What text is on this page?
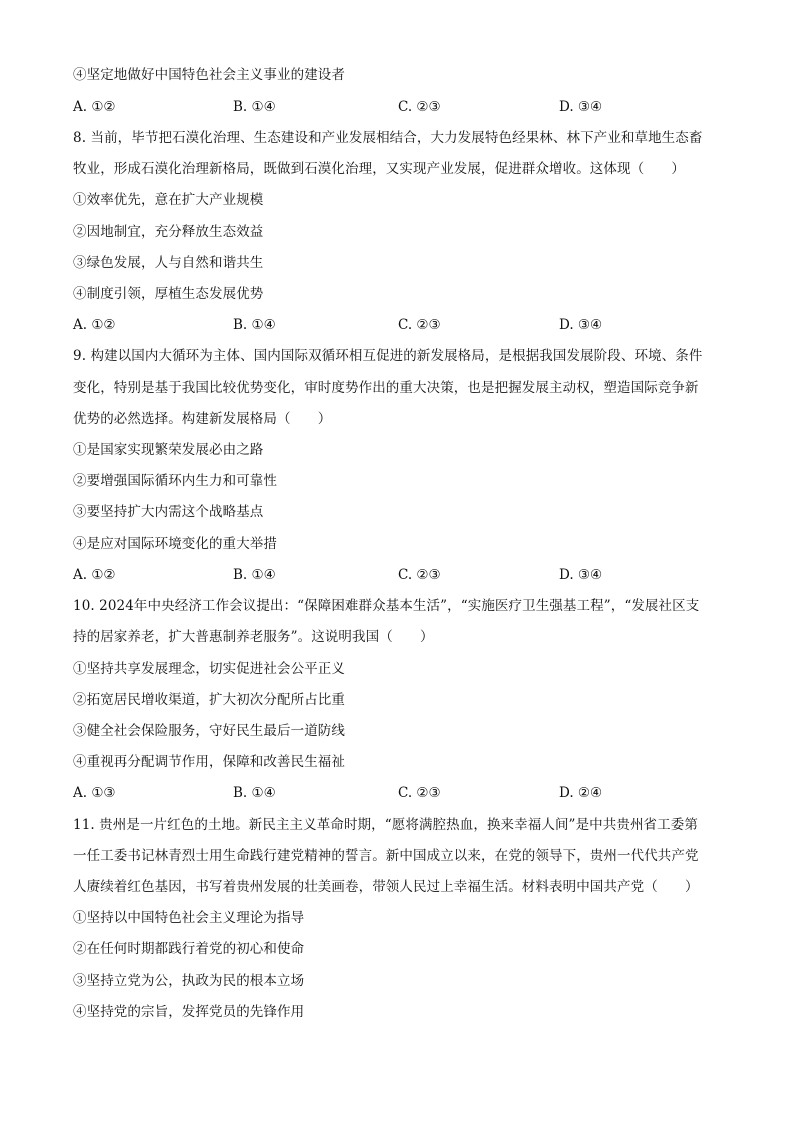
④坚定地做好中国特色社会主义事业的建设者
A. ①②	B. ①④	C. ②③	D. ③④
8. 当前，毕节把石漠化治理、生态建设和产业发展相结合，大力发展特色经果林、林下产业和草地生态畜
牧业，形成石漠化治理新格局，既做到石漠化治理，又实现产业发展，促进群众增收。这体现（　　）
①效率优先，意在扩大产业规模
②因地制宜，充分释放生态效益
③绿色发展，人与自然和谐共生
④制度引领，厚植生态发展优势
A. ①②	B. ①④	C. ②③	D. ③④
9. 构建以国内大循环为主体、国内国际双循环相互促进的新发展格局，是根据我国发展阶段、环境、条件
变化，特别是基于我国比较优势变化，审时度势作出的重大决策，也是把握发展主动权，塑造国际竞争新
优势的必然选择。构建新发展格局（　　）
①是国家实现繁荣发展必由之路
②要增强国际循环内生力和可靠性
③要坚持扩大内需这个战略基点
④是应对国际环境变化的重大举措
A. ①②	B. ①④	C. ②③	D. ③④
10. 2024年中央经济工作会议提出：“保障困难群众基本生活”，“实施医疗卫生强基工程”，“发展社区支
持的居家养老，扩大普惠制养老服务”。这说明我国（　　）
①坚持共享发展理念，切实促进社会公平正义
②拓宽居民增收渠道，扩大初次分配所占比重
③健全社会保险服务，守好民生最后一道防线
④重视再分配调节作用，保障和改善民生福祉
A. ①③	B. ①④	C. ②③	D. ②④
11. 贵州是一片红色的土地。新民主主义革命时期，“愿将满腔热血，换来幸福人间”是中共贵州省工委第
一任工委书记林青烈士用生命践行建党精神的誓言。新中国成立以来，在党的领导下，贵州一代代共产党
人赓续着红色基因，书写着贵州发展的壮美画卷，带领人民过上幸福生活。材料表明中国共产党（　　）
①坚持以中国特色社会主义理论为指导
②在任何时期都践行着党的初心和使命
③坚持立党为公，执政为民的根本立场
④坚持党的宗旨，发挥党员的先锋作用
